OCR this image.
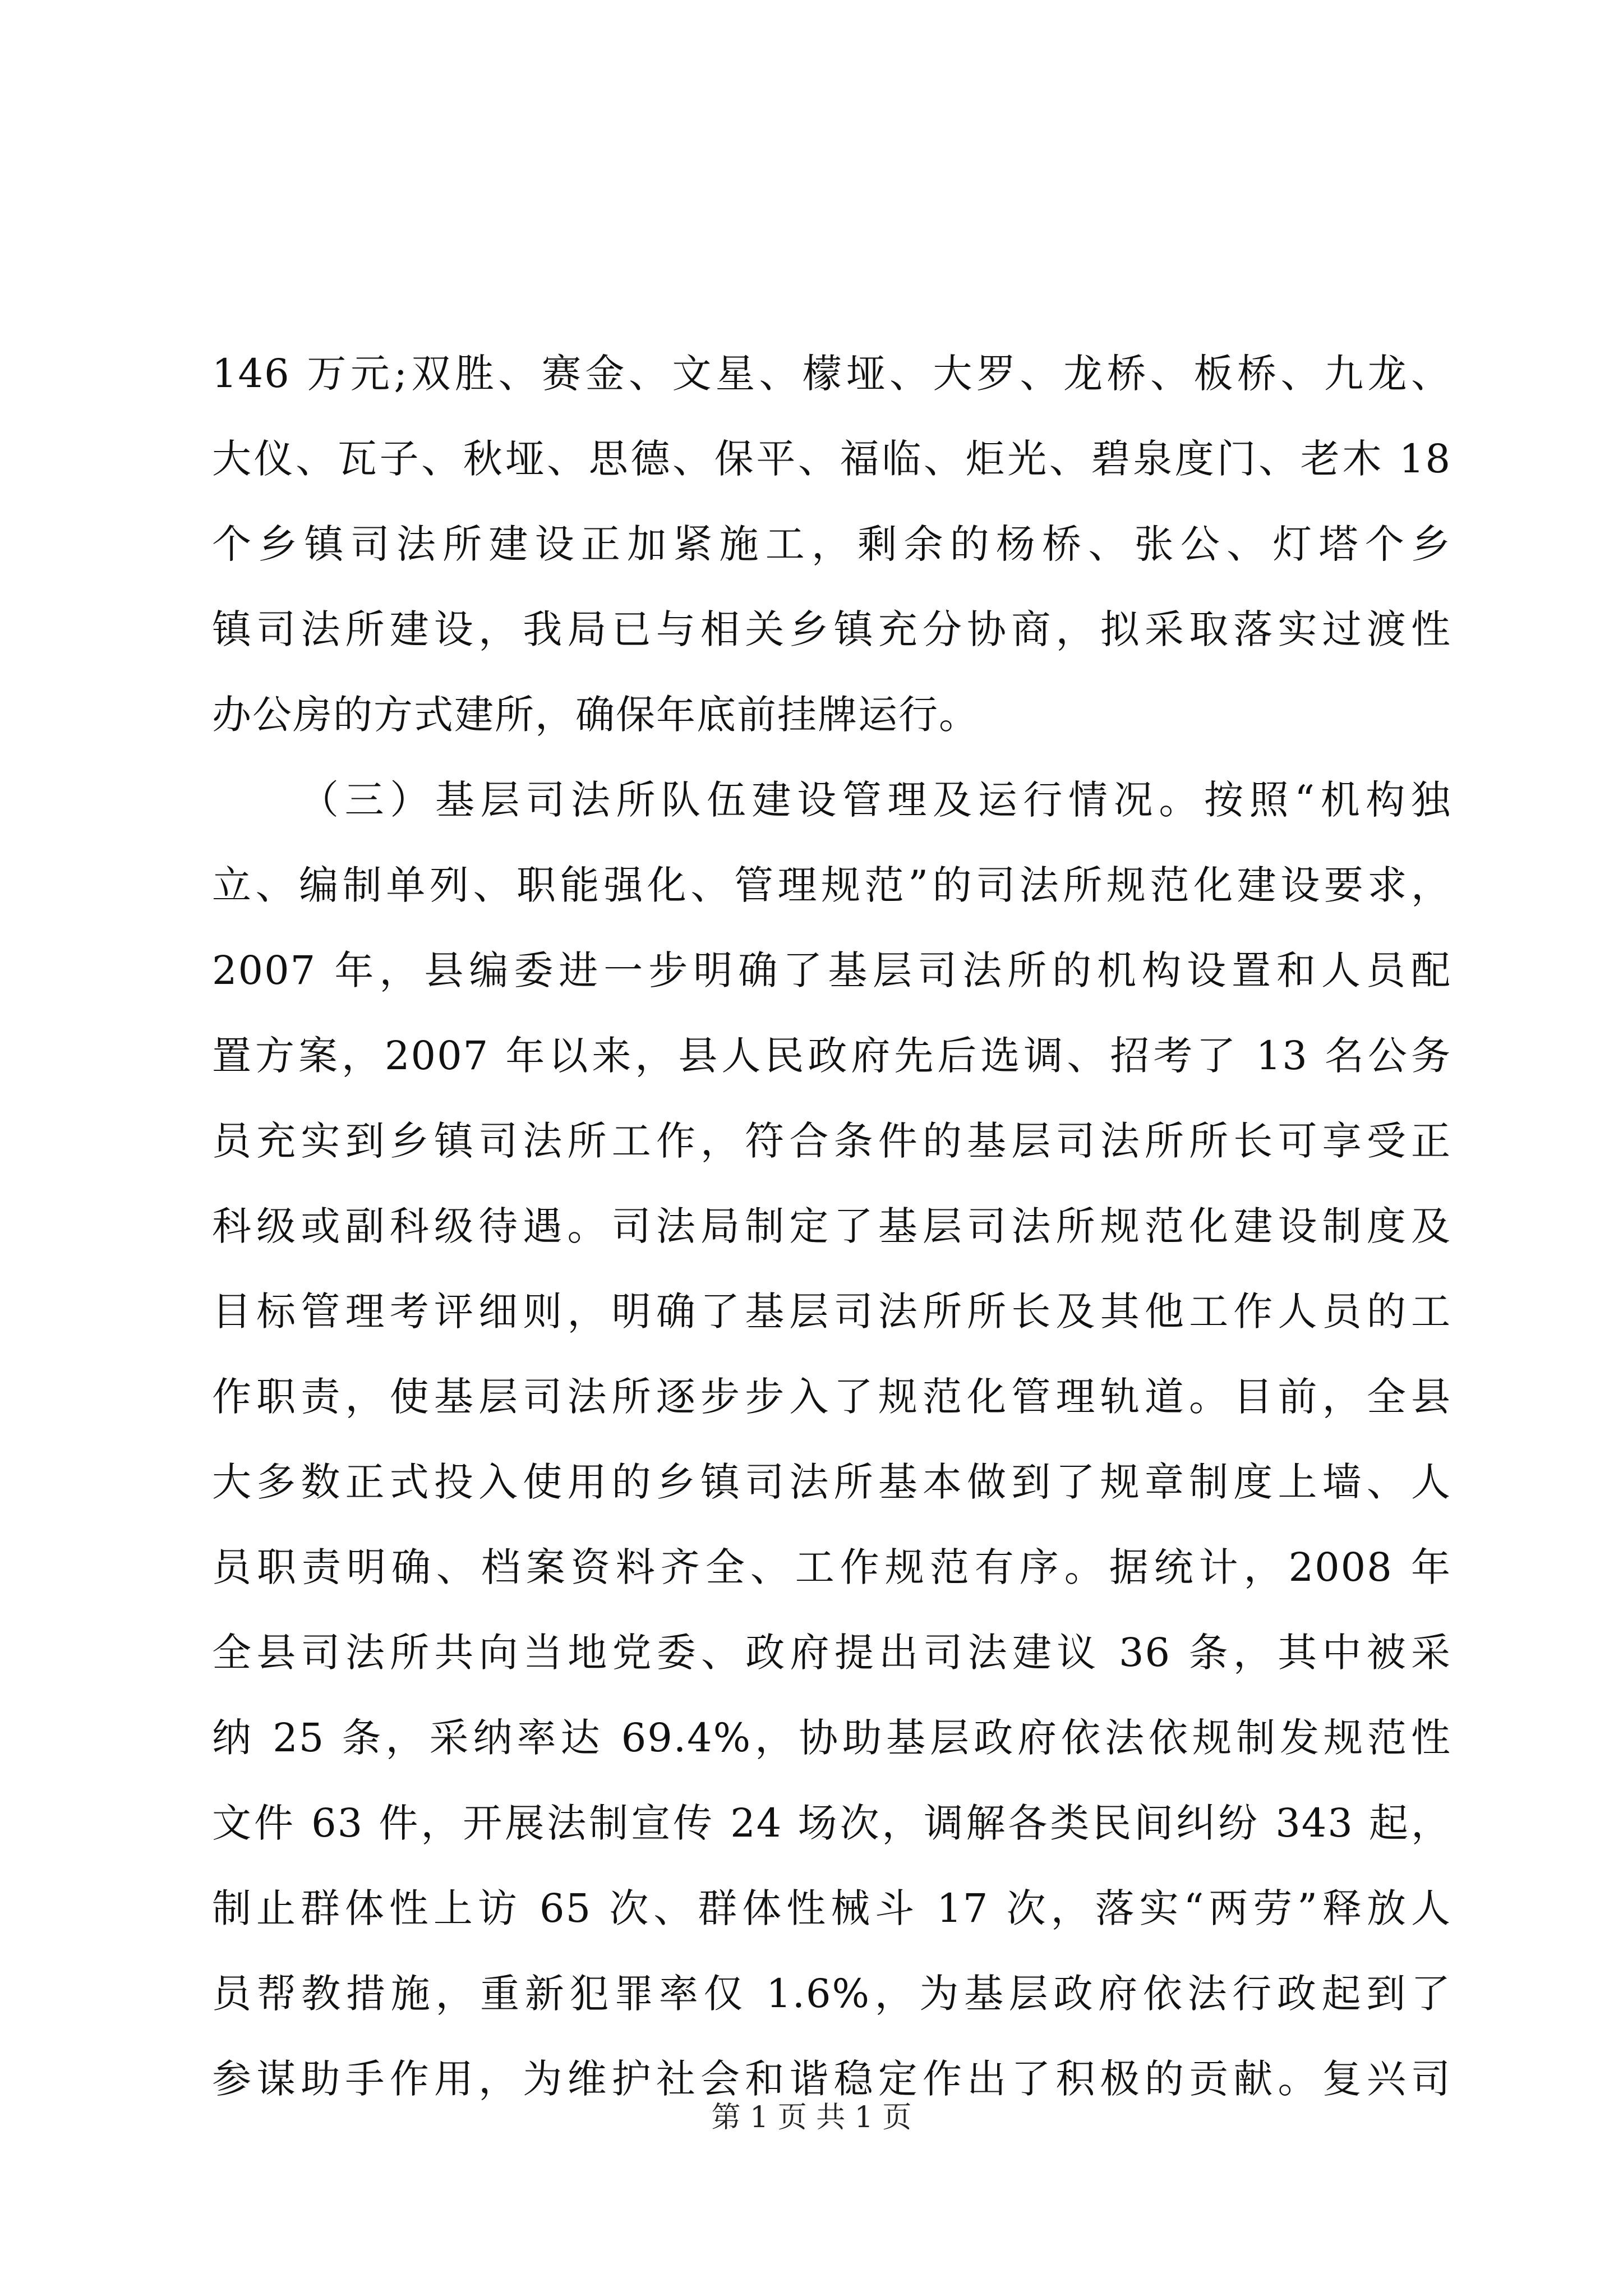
146 万元;双胜、赛金、文星、檬垭、大罗、龙桥、板桥、九龙、
大仪、瓦子、秋垭、思德、保平、福临、炬光、碧泉度门、老木 18
个乡镇司法所建设正加紧施工，剩余的杨桥、张公、灯塔个乡
镇司法所建设，我局已与相关乡镇充分协商，拟采取落实过渡性
办公房的方式建所，确保年底前挂牌运行。
（三）基层司法所队伍建设管理及运行情况。按照“机构独
立、编制单列、职能强化、管理规范”的司法所规范化建设要求，
2007 年，县编委进一步明确了基层司法所的机构设置和人员配
置方案，2007 年以来，县人民政府先后选调、招考了 13 名公务
员充实到乡镇司法所工作，符合条件的基层司法所所长可享受正
科级或副科级待遇。司法局制定了基层司法所规范化建设制度及
目标管理考评细则，明确了基层司法所所长及其他工作人员的工
作职责，使基层司法所逐步步入了规范化管理轨道。目前，全县
大多数正式投入使用的乡镇司法所基本做到了规章制度上墙、人
员职责明确、档案资料齐全、工作规范有序。据统计，2008 年
全县司法所共向当地党委、政府提出司法建议 36 条，其中被采
纳 25 条，采纳率达 69.4%，协助基层政府依法依规制发规范性
文件 63 件，开展法制宣传 24 场次，调解各类民间纠纷 343 起，
制止群体性上访 65 次、群体性械斗 17 次，落实“两劳”释放人
员帮教措施，重新犯罪率仅 1.6%，为基层政府依法行政起到了
参谋助手作用，为维护社会和谐稳定作出了积极的贡献。复兴司
第 1 页 共 1 页
